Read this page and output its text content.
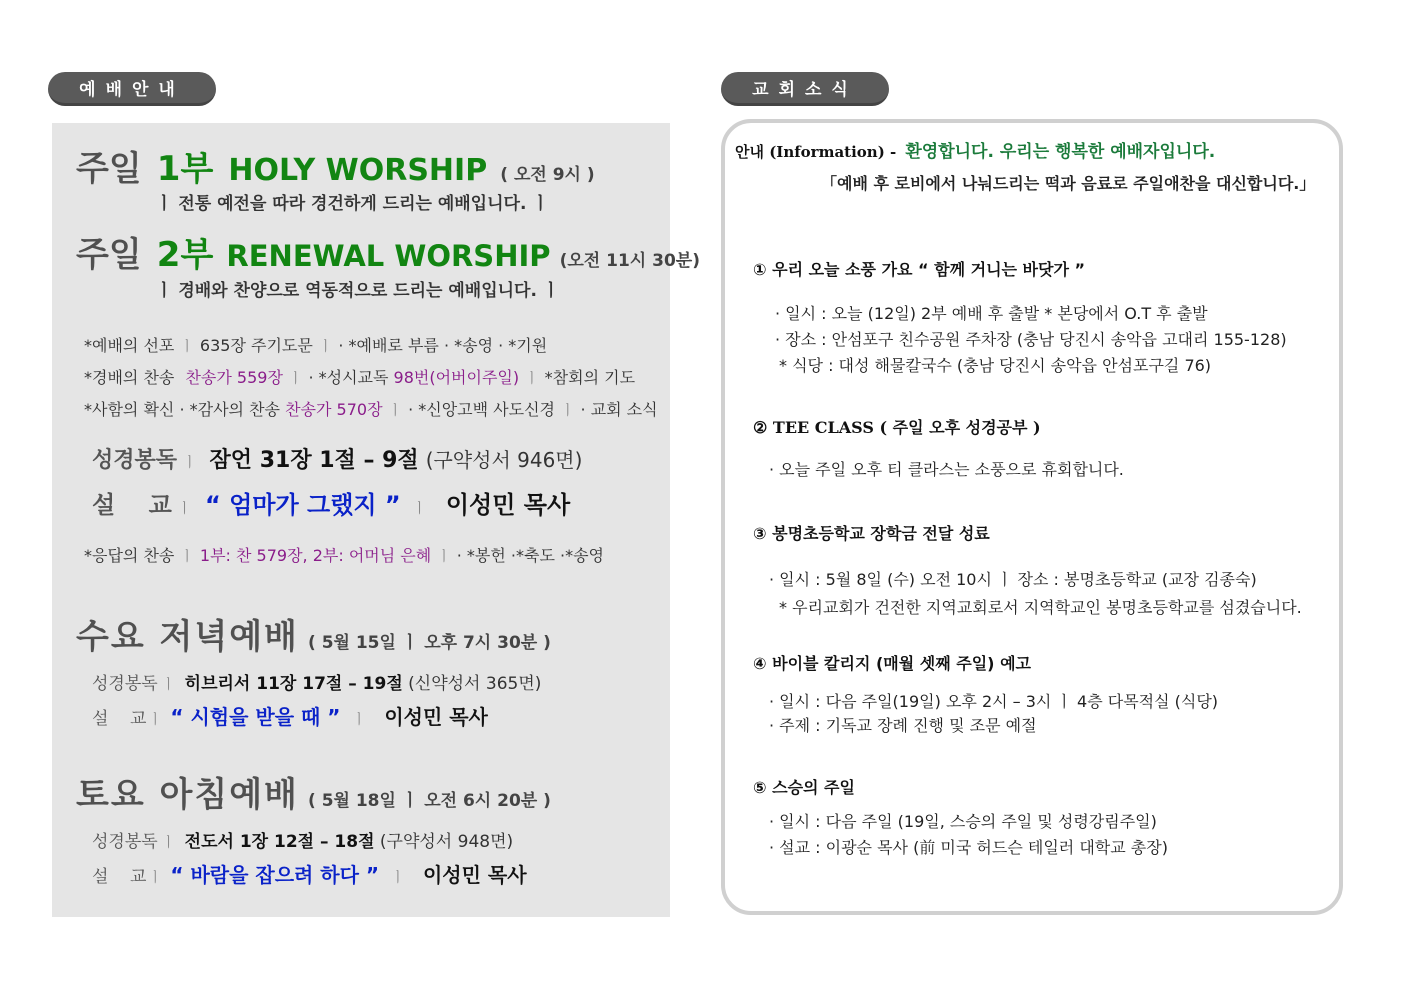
예배안내	교회소식
주일 1부 HOLY WORSHIP ( 오전 9시 )
ㅣ 전통 예전을 따라 경건하게 드리는 예배입니다. ㅣ
주일 2부 RENEWAL WORSHIP (오전 11시 30분)
ㅣ 경배와 찬양으로 역동적으로 드리는 예배입니다. ㅣ
*예배의 선포 ㅣ 635장 주기도문 ㅣ · *예배로 부름 · *송영 · *기원
*경배의 찬송 찬송가 559장 ㅣ · *성시교독 98번(어버이주일) ㅣ *참회의 기도
*사함의 확신 · *감사의 찬송 찬송가 570장 ㅣ · *신앙고백 사도신경 ㅣ · 교회 소식
성경봉독 ㅣ 잠언 31장 1절 – 9절 (구약성서 946면)
설    교 ㅣ “ 엄마가 그랬지 ” ㅣ 이성민 목사
*응답의 찬송 ㅣ 1부: 찬 579장, 2부: 어머님 은혜 ㅣ · *봉헌 ·*축도 ·*송영
수요 저녁예배 ( 5월 15일 ㅣ 오후 7시 30분 )
성경봉독 ㅣ 히브리서 11장 17절 – 19절 (신약성서 365면)
설    교 ㅣ “ 시험을 받을 때 ” ㅣ 이성민 목사
토요 아침예배 ( 5월 18일 ㅣ 오전 6시 20분 )
성경봉독 ㅣ 전도서 1장 12절 – 18절 (구약성서 948면)
설    교 ㅣ “ 바람을 잡으려 하다 ” ㅣ 이성민 목사
안내 (Information) - 환영합니다. 우리는 행복한 예배자입니다.
「예배 후 로비에서 나눠드리는 떡과 음료로 주일애찬을 대신합니다.」
① 우리 오늘 소풍 가요 “ 함께 거니는 바닷가 ”
· 일시 : 오늘 (12일) 2부 예배 후 출발 * 본당에서 O.T 후 출발
· 장소 : 안섬포구 친수공원 주차장 (충남 당진시 송악읍 고대리 155-128)
* 식당 : 대성 해물칼국수 (충남 당진시 송악읍 안섬포구길 76)
② TEE CLASS ( 주일 오후 성경공부 )
· 오늘 주일 오후 티 클라스는 소풍으로 휴회합니다.
③ 봉명초등학교 장학금 전달 성료
· 일시 : 5월 8일 (수) 오전 10시 ㅣ 장소 : 봉명초등학교 (교장 김종숙)
* 우리교회가 건전한 지역교회로서 지역학교인 봉명초등학교를 섬겼습니다.
④ 바이블 칼리지 (매월 셋째 주일) 예고
· 일시 : 다음 주일(19일) 오후 2시 – 3시 ㅣ 4층 다목적실 (식당)
· 주제 : 기독교 장례 진행 및 조문 예절
⑤ 스승의 주일
· 일시 : 다음 주일 (19일, 스승의 주일 및 성령강림주일)
· 설교 : 이광순 목사 (前 미국 허드슨 테일러 대학교 총장)
